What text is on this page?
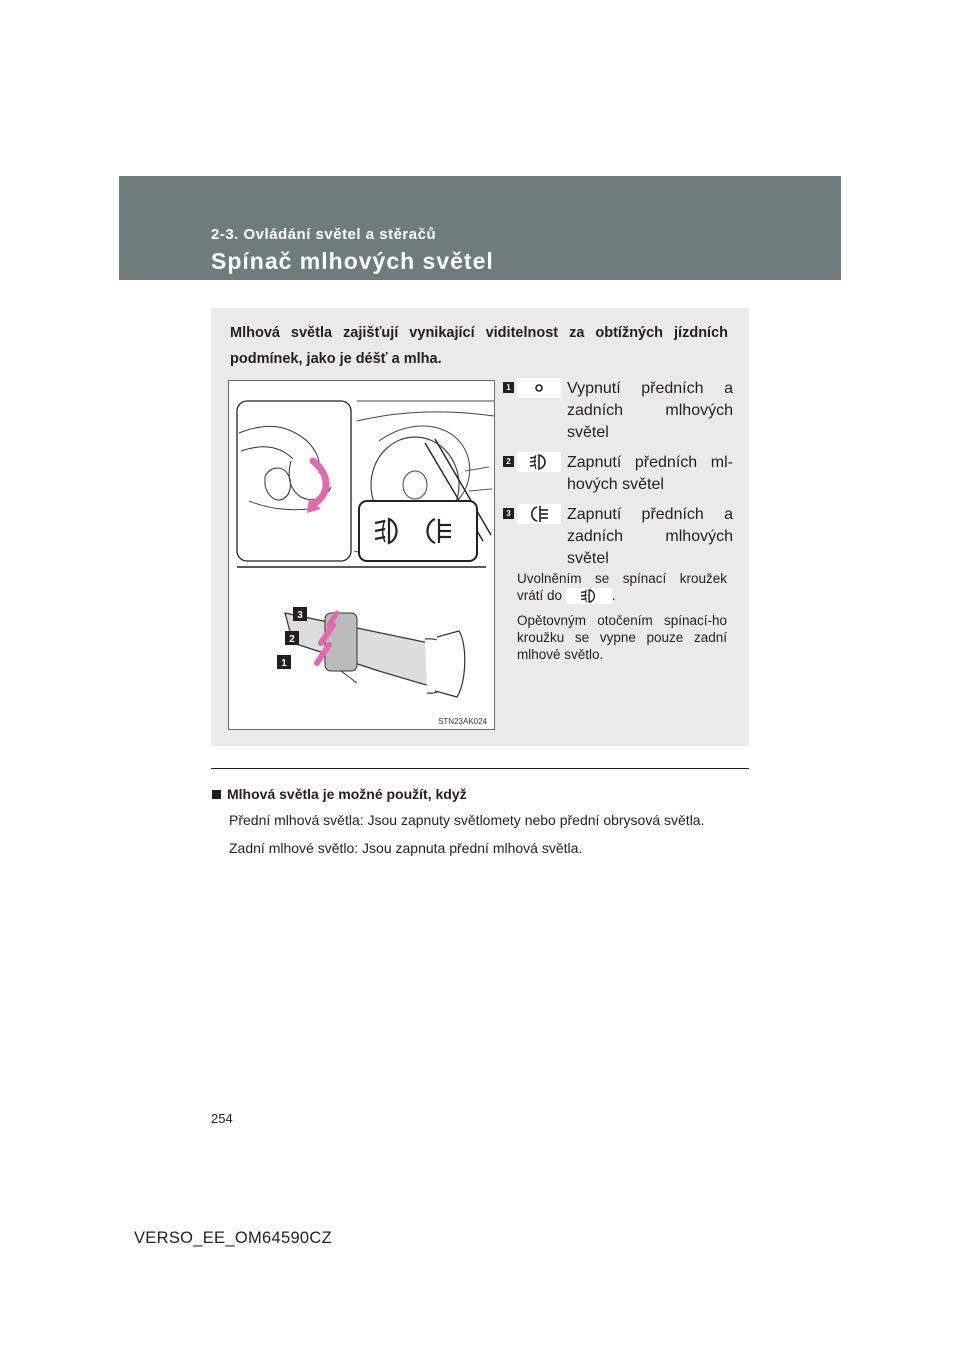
2-3. Ovládání světel a stěračů
Spínač mlhových světel
Mlhová světla zajišťují vynikající viditelnost za obtížných jízdních podmínek, jako je déšť a mlha.
3
2
1
STN23AK024
1	Vypnutí předních a zadních mlhových světel
2	Zapnutí předních ml-hových světel
3	Zapnutí předních a zadních mlhových světel
Uvolněním se spínací kroužek vrátí do	.
Opětovným otočením spínací-ho kroužku se vypne pouze zadní mlhové světlo.
Mlhová světla je možné použít, když
Přední mlhová světla: Jsou zapnuty světlomety nebo přední obrysová světla.
Zadní mlhové světlo: Jsou zapnuta přední mlhová světla.
254
VERSO_EE_OM64590CZ
